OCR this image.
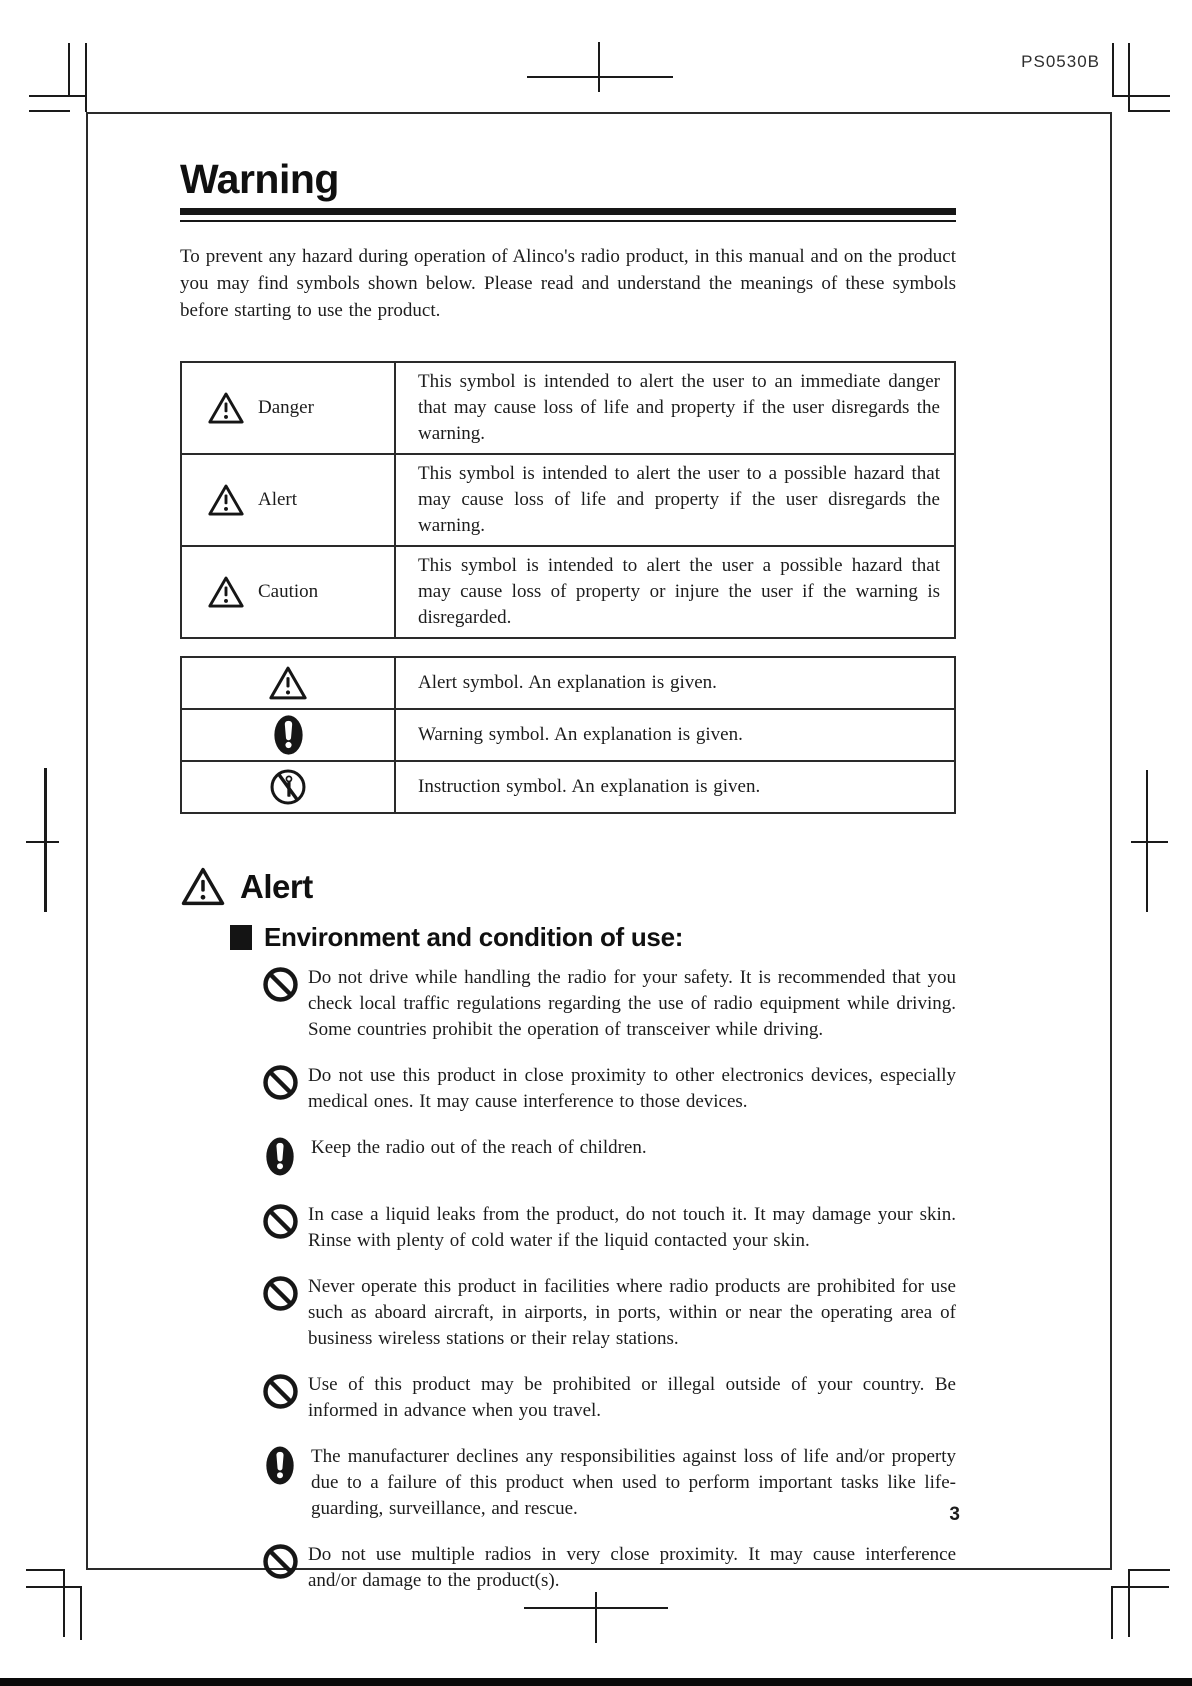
PS0530B
Warning

To prevent any hazard during operation of Alinco's radio product, in this manual and on the product you may find symbols shown below. Please read and understand the meanings of these symbols before starting to use the product.

Danger	This symbol is intended to alert the user to an immediate danger that may cause loss of life and property if the user disregards the warning.

Alert	This symbol is intended to alert the user to a possible hazard that may cause loss of life and property if the user disregards the warning.

Caution	This symbol is intended to alert the user a possible hazard that may cause loss of property or injure the user if the warning is disregarded.
	Alert symbol. An explanation is given.

	Warning symbol. An explanation is given.

	Instruction symbol. An explanation is given.
Alert
Environment and condition of use:
Do not drive while handling the radio for your safety. It is recommended that you check local traffic regulations regarding the use of radio equipment while driving. Some countries prohibit the operation of transceiver while driving.
Do not use this product in close proximity to other electronics devices, especially medical ones. It may cause interference to those devices.
Keep the radio out of the reach of children.
In case a liquid leaks from the product, do not touch it. It may damage your skin. Rinse with plenty of cold water if the liquid contacted your skin.
Never operate this product in facilities where radio products are prohibited for use such as aboard aircraft, in airports, in ports, within or near the operating area of business wireless stations or their relay stations.
Use of this product may be prohibited or illegal outside of your country. Be informed in advance when you travel.
The manufacturer declines any responsibilities against loss of life and/or property due to a failure of this product when used to perform important tasks like life-guarding, surveillance, and rescue.
Do not use multiple radios in very close proximity. It may cause interference and/or damage to the product(s).
3
